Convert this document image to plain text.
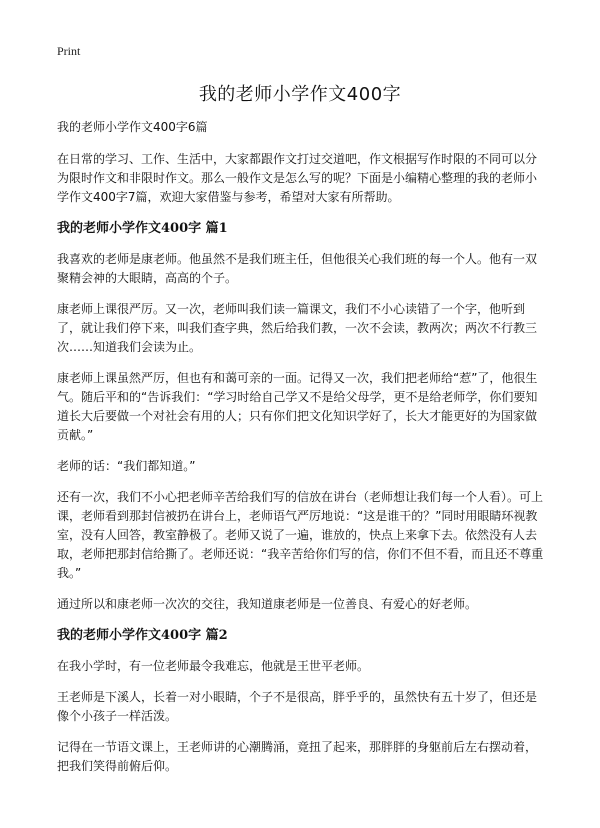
Print
我的老师小学作文400字

我的老师小学作文400字6篇

在日常的学习、工作、生活中，大家都跟作文打过交道吧，作文根据写作时限的不同可以分为限时作文和非限时作文。那么一般作文是怎么写的呢？下面是小编精心整理的我的老师小学作文400字7篇，欢迎大家借鉴与参考，希望对大家有所帮助。

我的老师小学作文400字 篇1

我喜欢的老师是康老师。他虽然不是我们班主任，但他很关心我们班的每一个人。他有一双聚精会神的大眼睛，高高的个子。

康老师上课很严厉。又一次，老师叫我们读一篇课文，我们不小心读错了一个字，他听到了，就让我们停下来，叫我们查字典，然后给我们教，一次不会读，教两次；两次不行教三次……知道我们会读为止。

康老师上课虽然严厉，但也有和蔼可亲的一面。记得又一次，我们把老师给“惹”了，他很生气。随后平和的“告诉我们：“学习时给自己学又不是给父母学，更不是给老师学，你们要知道长大后要做一个对社会有用的人；只有你们把文化知识学好了，长大才能更好的为国家做贡献。”

老师的话：“我们都知道。”

还有一次，我们不小心把老师辛苦给我们写的信放在讲台（老师想让我们每一个人看）。可上课，老师看到那封信被扔在讲台上，老师语气严厉地说：“这是谁干的？”同时用眼睛环视教室，没有人回答，教室静极了。老师又说了一遍，谁放的，快点上来拿下去。依然没有人去取，老师把那封信给撕了。老师还说：“我辛苦给你们写的信，你们不但不看，而且还不尊重我。”

通过所以和康老师一次次的交往，我知道康老师是一位善良、有爱心的好老师。

我的老师小学作文400字 篇2

在我小学时，有一位老师最令我难忘，他就是王世平老师。

王老师是下溪人，长着一对小眼睛，个子不是很高，胖乎乎的，虽然快有五十岁了，但还是像个小孩子一样活泼。

记得在一节语文课上，王老师讲的心潮腾涌，竟扭了起来，那胖胖的身躯前后左右摆动着，把我们笑得前俯后仰。
